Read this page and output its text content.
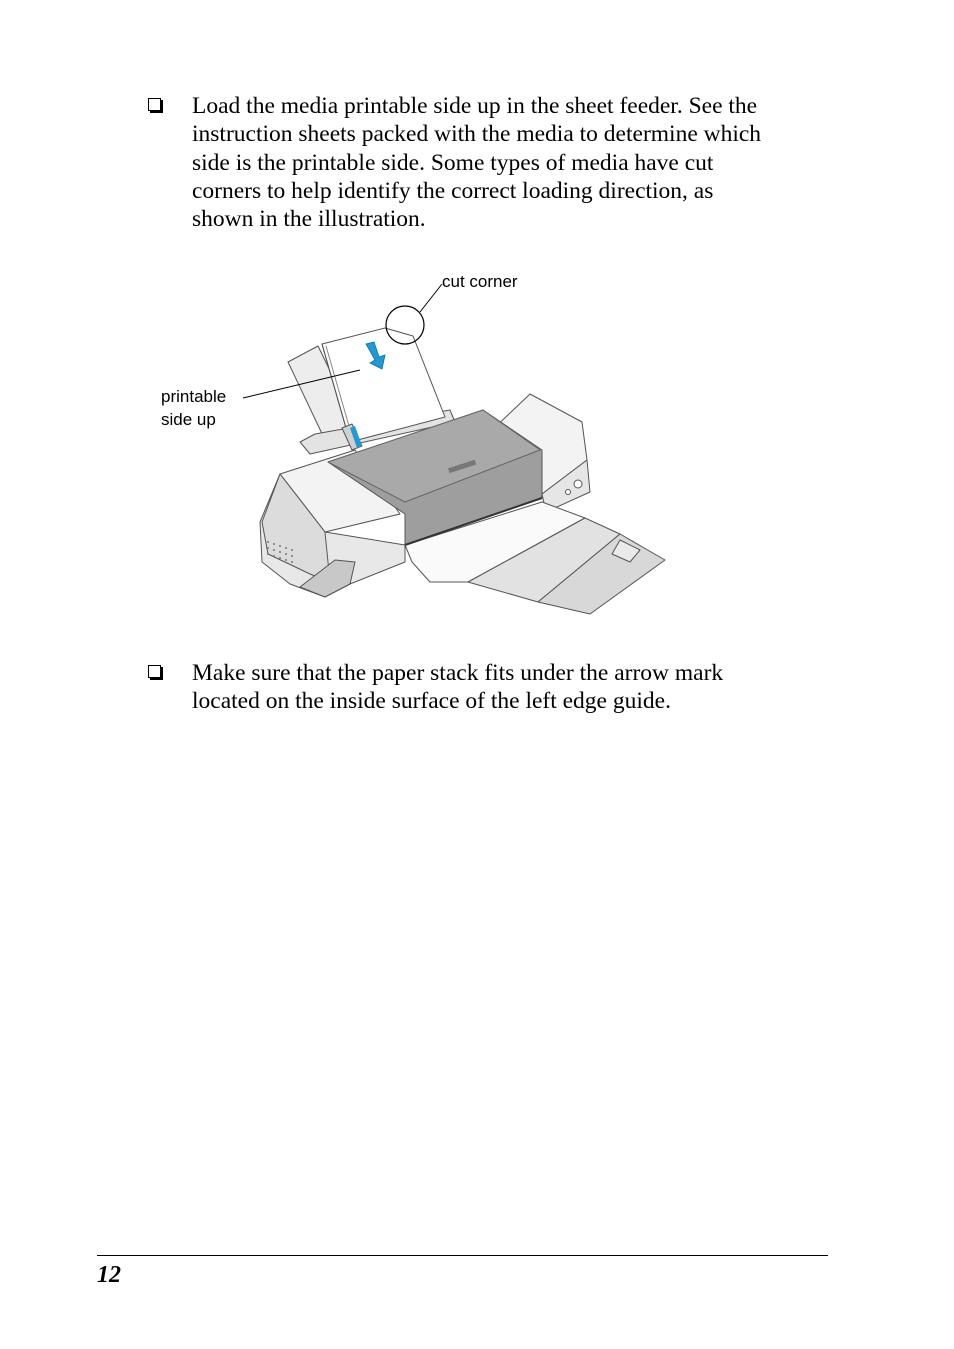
Load the media printable side up in the sheet feeder. See the
instruction sheets packed with the media to determine which
side is the printable side. Some types of media have cut
corners to help identify the correct loading direction, as
shown in the illustration.
cut corner
printable
side up
Make sure that the paper stack fits under the arrow mark
located on the inside surface of the left edge guide.
12
